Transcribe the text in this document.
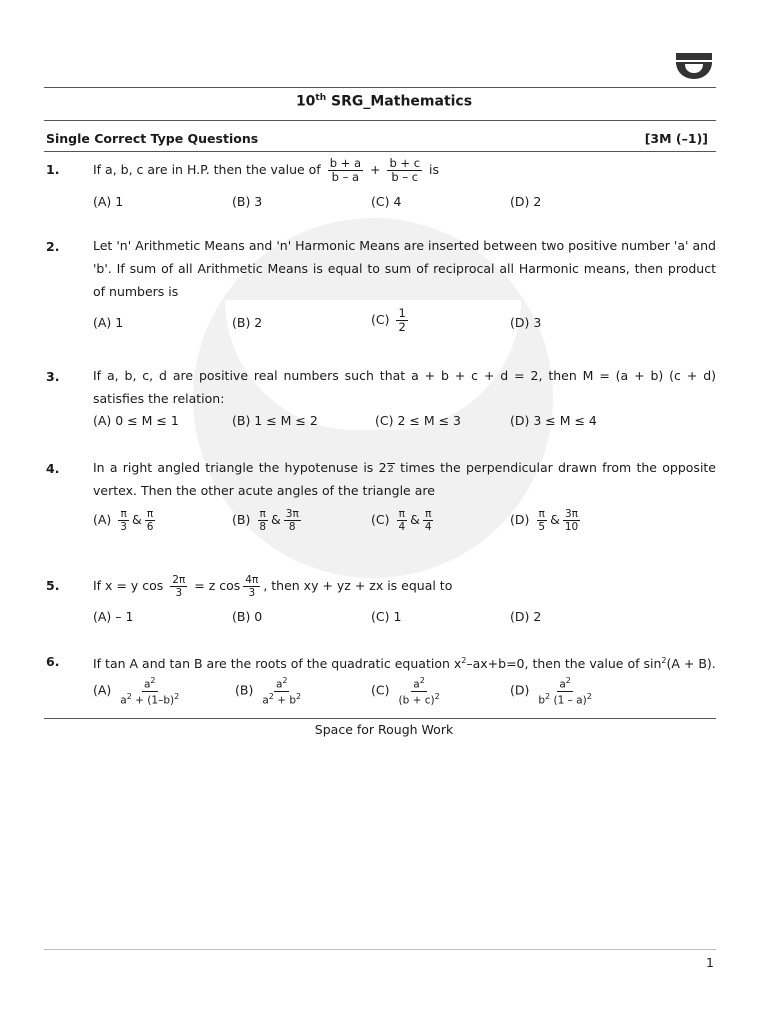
10th SRG_Mathematics
Single Correct Type Questions	[3M (–1)]
1.	If a, b, c are in H.P. then the value of $\frac{b + a}{b - a} + \frac{b + c}{b - c}$ is
(A) 1	(B) 3	(C) 4	(D) 2
2.	Let 'n' Arithmetic Means and 'n' Harmonic Means are inserted between two positive number 'a' and 'b'. If sum of all Arithmetic Means is equal to sum of reciprocal all Harmonic means, then product of numbers is
(A) 1	(B) 2	$(C) \frac{1}{2}$	(D) 3
3.	If a, b, c, d are positive real numbers such that a + b + c + d = 2, then M = (a + b) (c + d) satisfies the relation:
(A) 0 ≤ M ≤ 1	(B) 1 ≤ M ≤ 2	(C) 2 ≤ M ≤ 3	(D) 3 ≤ M ≤ 4
4.	In a right angled triangle the hypotenuse is 22 times the perpendicular drawn from the opposite vertex. Then the other acute angles of the triangle are
$(A) \frac{\pi}{3}$ & $\frac{\pi}{6}$	$(B) \frac{\pi}{8}$ & $\frac{3\pi}{8}$	$(C) \frac{\pi}{4}$ & $\frac{\pi}{4}$	$(D) \frac{\pi}{5}$ & $\frac{3\pi}{10}$
5.	If x = y $\cos \frac{2\pi}{3} = z$ $\cos \frac{4\pi}{3}$ , then xy + yz + zx is equal to
(A) – 1	(B) 0	(C) 1	(D) 2
6.	If tan A and tan B are the roots of the quadratic equation $x^2-ax+b=0$, then the value of $\sin^2(A + B)$.
$(A) \frac{a^2}{a^2 + (1-b)^2}$	$(B) \frac{a^2}{a^2 + b^2}$	$(C) \frac{a^2}{(b + c)^2}$	$(D) \frac{a^2}{b^2 (1 - a)^2}$
Space for Rough Work
1
